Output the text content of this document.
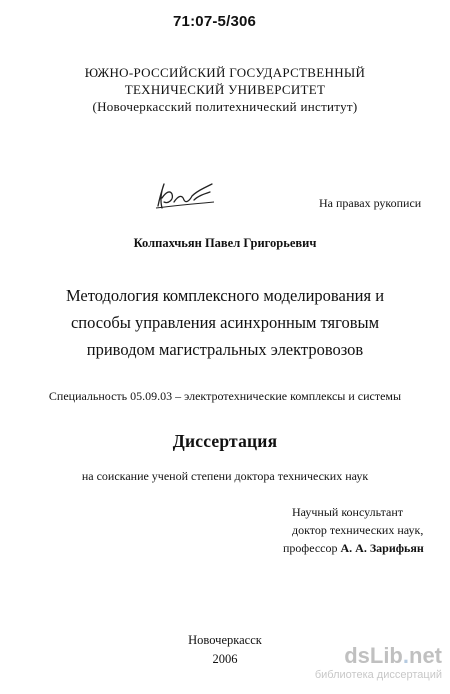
71:07-5/306
ЮЖНО-РОССИЙСКИЙ ГОСУДАРСТВЕННЫЙ
ТЕХНИЧЕСКИЙ УНИВЕРСИТЕТ
(Новочеркасский политехнический институт)
На правах рукописи
Колпахчьян Павел Григорьевич
Методология комплексного моделирования и
способы управления асинхронным тяговым
приводом магистральных электровозов
Специальность 05.09.03 – электротехнические комплексы и системы
Диссертация
на соискание ученой степени доктора технических наук
Научный консультант
доктор технических наук,
профессор А. А. Зарифьян
Новочеркасск
2006	dsLib.net
библиотека диссертаций
